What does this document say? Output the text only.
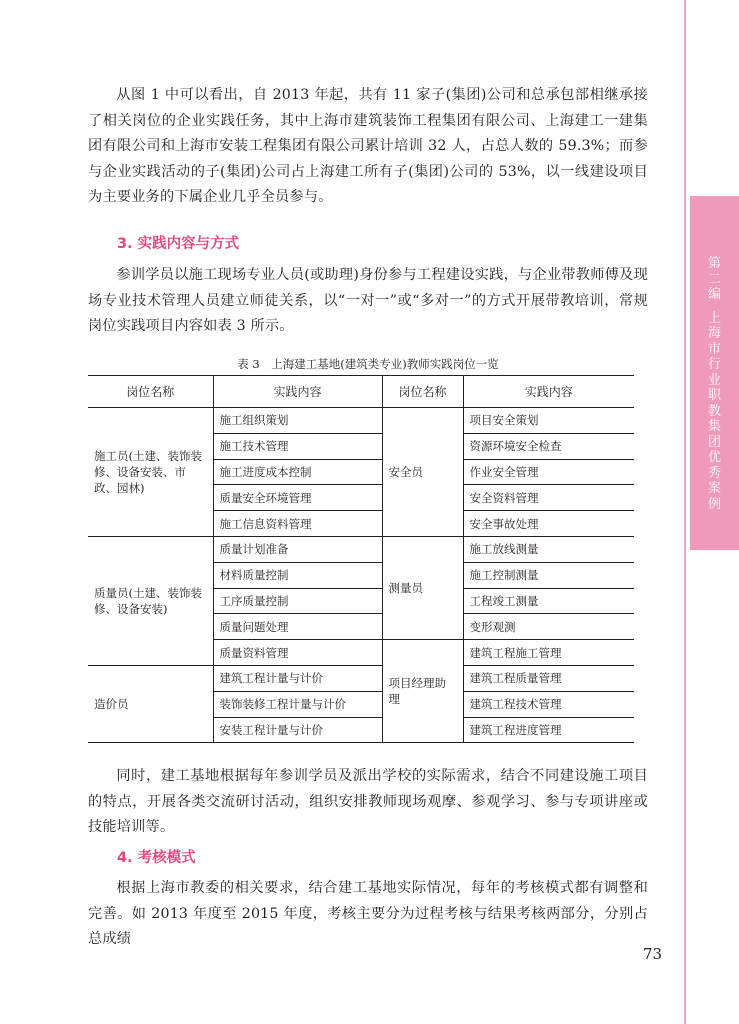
第二编
上海市行业职教集团优秀案例

从图 1 中可以看出，自 2013 年起，共有 11 家子(集团)公司和总承包部相继承接了相关岗位的企业实践任务，其中上海市建筑装饰工程集团有限公司、上海建工一建集团有限公司和上海市安装工程集团有限公司累计培训 32 人，占总人数的 59.3%；而参与企业实践活动的子(集团)公司占上海建工所有子(集团)公司的 53%，以一线建设项目为主要业务的下属企业几乎全员参与。

3. 实践内容与方式

参训学员以施工现场专业人员(或助理)身份参与工程建设实践，与企业带教师傅及现场专业技术管理人员建立师徒关系，以“一对一”或“多对一”的方式开展带教培训，常规岗位实践项目内容如表 3 所示。

表 3　上海建工基地(建筑类专业)教师实践岗位一览

岗位名称	实践内容	岗位名称	实践内容
施工员(土建、装饰装修、设备安装、市政、园林)	施工组织策划	安全员	项目安全策划
	施工技术管理		资源环境安全检查
	施工进度成本控制		作业安全管理
	质量安全环境管理		安全资料管理
	施工信息资料管理		安全事故处理
质量员(土建、装饰装修、设备安装)	质量计划准备	测量员	施工放线测量
	材料质量控制		施工控制测量
	工序质量控制		工程竣工测量
	质量问题处理		变形观测
	质量资料管理	项目经理助理	建筑工程施工管理
造价员	建筑工程计量与计价		建筑工程质量管理
	装饰装修工程计量与计价		建筑工程技术管理
	安装工程计量与计价		建筑工程进度管理

同时，建工基地根据每年参训学员及派出学校的实际需求，结合不同建设施工项目的特点，开展各类交流研讨活动，组织安排教师现场观摩、参观学习、参与专项讲座或技能培训等。

4. 考核模式

根据上海市教委的相关要求，结合建工基地实际情况，每年的考核模式都有调整和完善。如 2013 年度至 2015 年度，考核主要分为过程考核与结果考核两部分，分别占总成绩

73
